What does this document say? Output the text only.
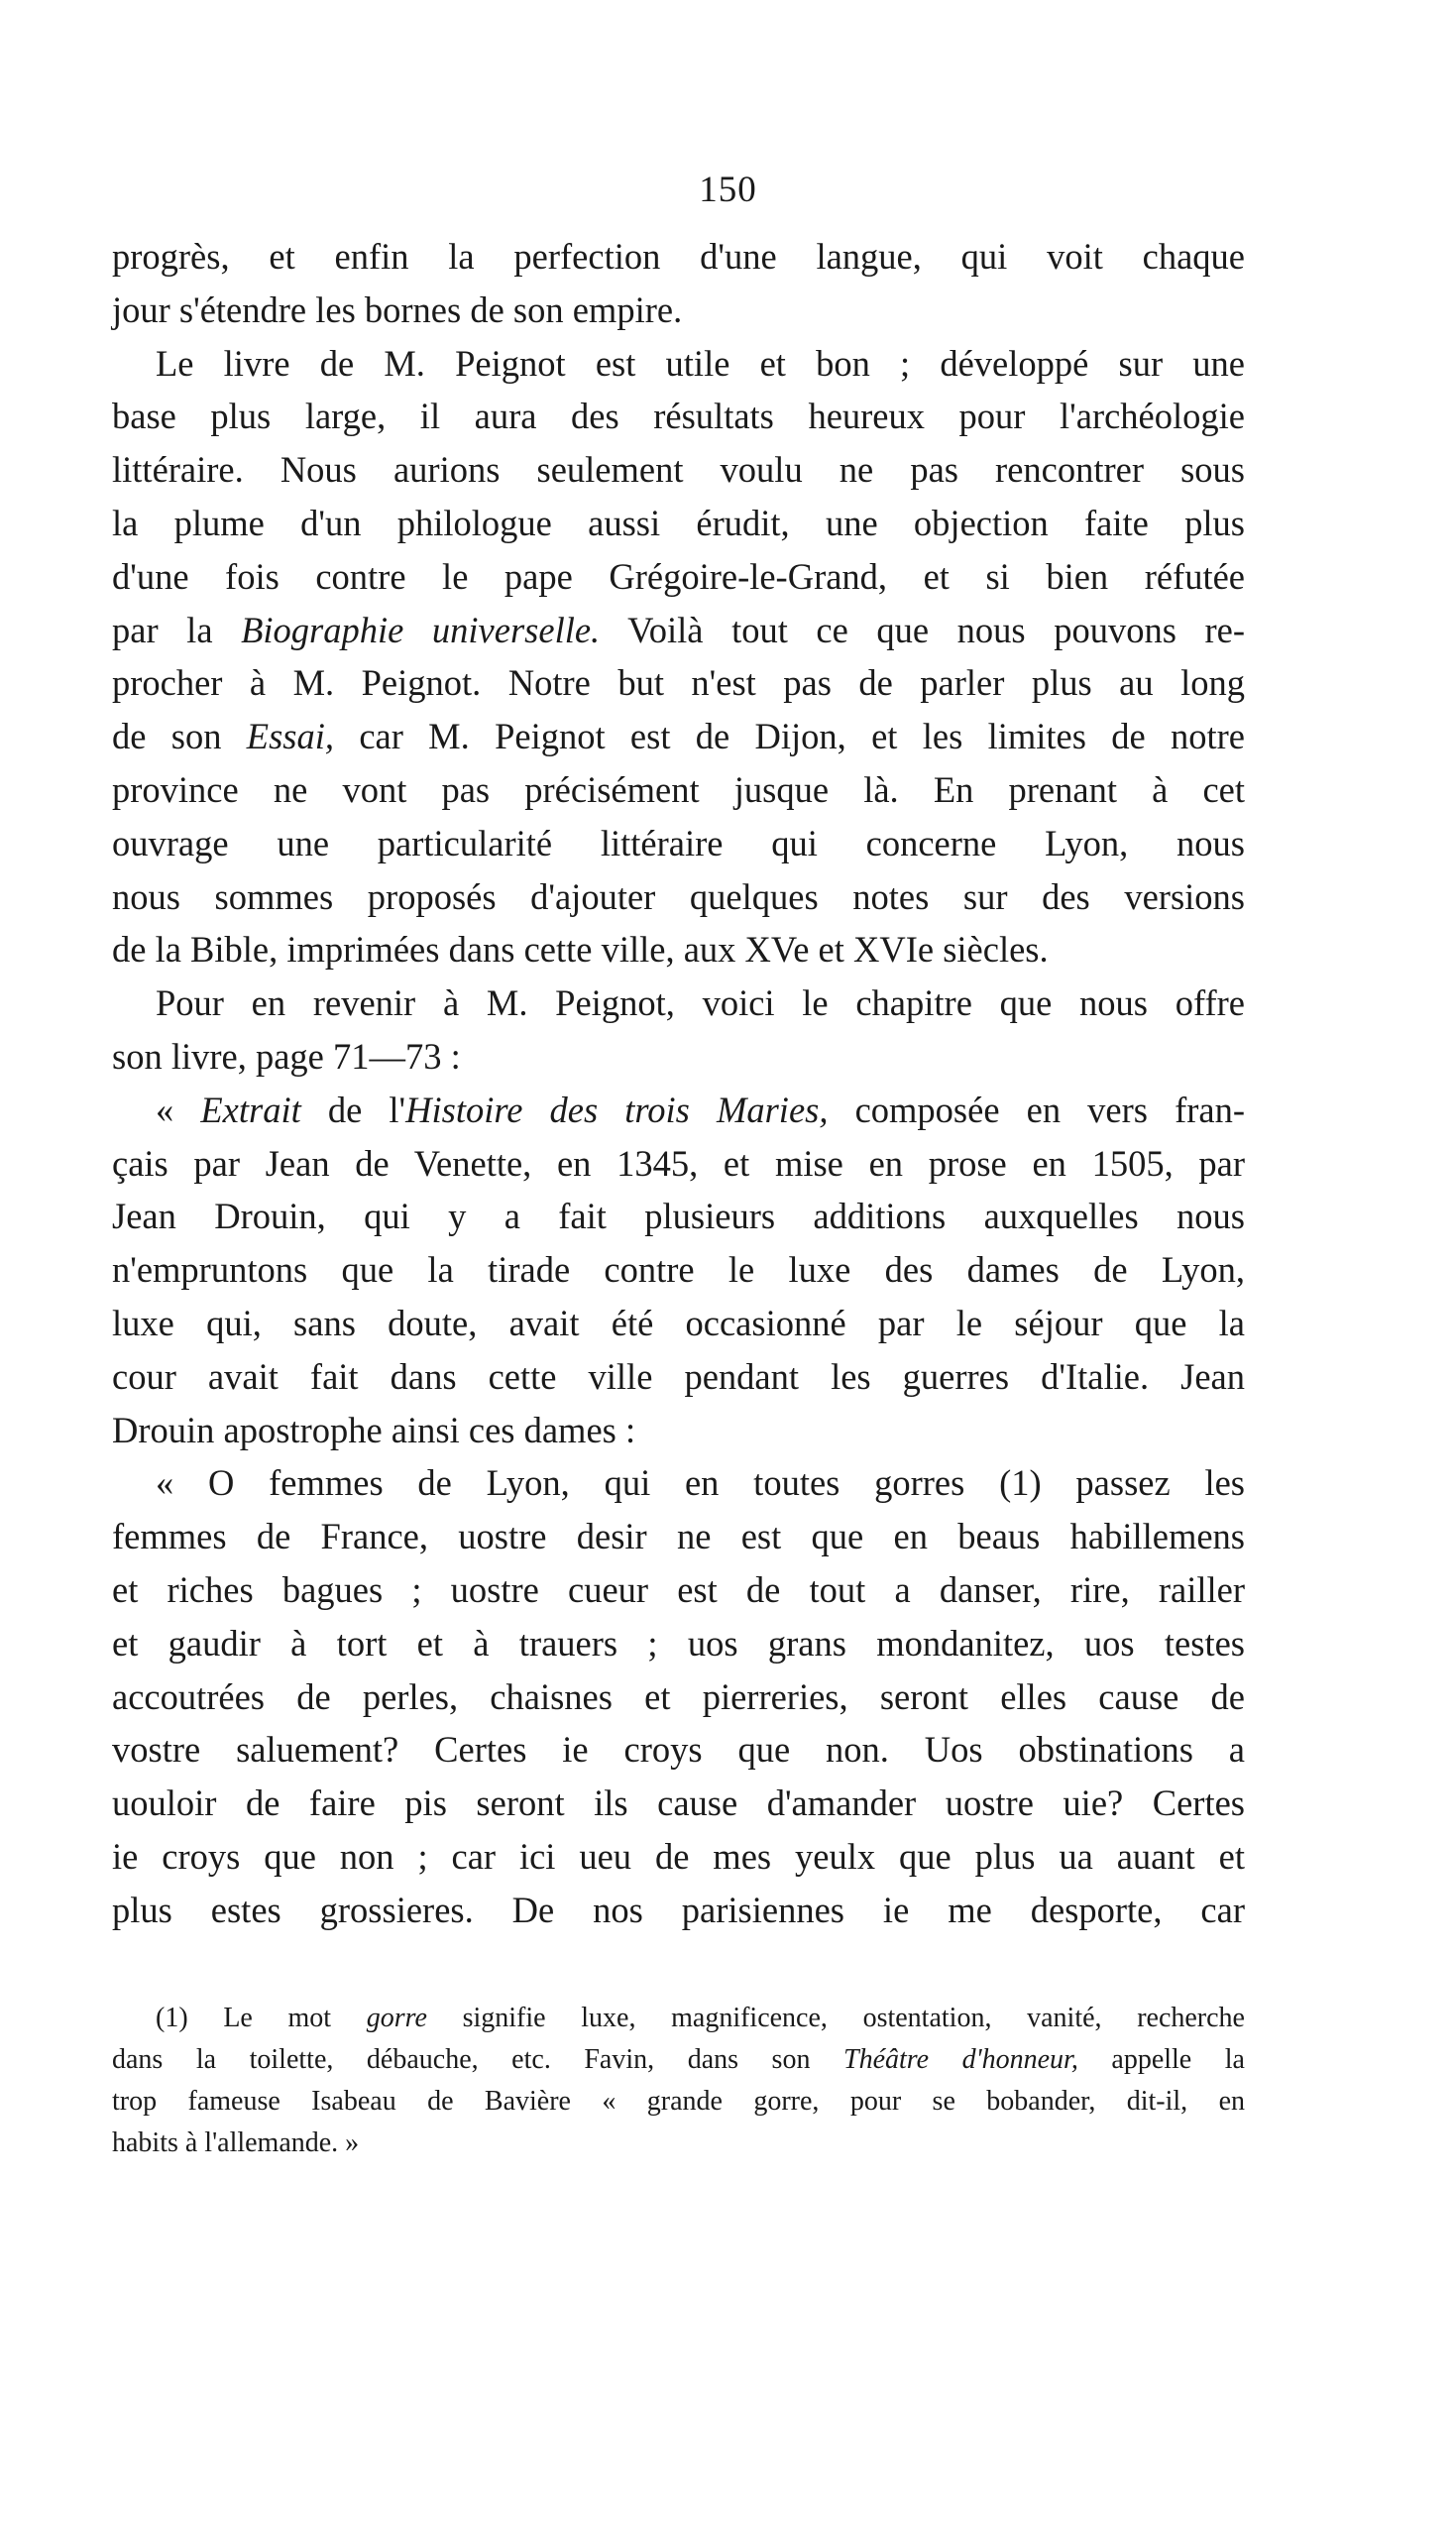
150
progrès, et enfin la perfection d'une langue, qui voit chaque
jour s'étendre les bornes de son empire.
Le livre de M. Peignot est utile et bon ; développé sur une
base plus large, il aura des résultats heureux pour l'archéologie
littéraire. Nous aurions seulement voulu ne pas rencontrer sous
la plume d'un philologue aussi érudit, une objection faite plus
d'une fois contre le pape Grégoire-le-Grand, et si bien réfutée
par la Biographie universelle. Voilà tout ce que nous pouvons re-
procher à M. Peignot. Notre but n'est pas de parler plus au long
de son Essai, car M. Peignot est de Dijon, et les limites de notre
province ne vont pas précisément jusque là. En prenant à cet
ouvrage une particularité littéraire qui concerne Lyon, nous
nous sommes proposés d'ajouter quelques notes sur des versions
de la Bible, imprimées dans cette ville, aux XVe et XVIe siècles.
Pour en revenir à M. Peignot, voici le chapitre que nous offre
son livre, page 71—73 :
« Extrait de l'Histoire des trois Maries, composée en vers fran-
çais par Jean de Venette, en 1345, et mise en prose en 1505, par
Jean Drouin, qui y a fait plusieurs additions auxquelles nous
n'empruntons que la tirade contre le luxe des dames de Lyon,
luxe qui, sans doute, avait été occasionné par le séjour que la
cour avait fait dans cette ville pendant les guerres d'Italie. Jean
Drouin apostrophe ainsi ces dames :
« O femmes de Lyon, qui en toutes gorres (1) passez les
femmes de France, uostre desir ne est que en beaus habillemens
et riches bagues ; uostre cueur est de tout a danser, rire, railler
et gaudir à tort et à trauers ; uos grans mondanitez, uos testes
accoutrées de perles, chaisnes et pierreries, seront elles cause de
vostre saluement? Certes ie croys que non. Uos obstinations a
uouloir de faire pis seront ils cause d'amander uostre uie? Certes
ie croys que non ; car ici ueu de mes yeulx que plus ua auant et
plus estes grossieres. De nos parisiennes ie me desporte, car
(1) Le mot gorre signifie luxe, magnificence, ostentation, vanité, recherche
dans la toilette, débauche, etc. Favin, dans son Théâtre d'honneur, appelle la
trop fameuse Isabeau de Bavière « grande gorre, pour se bobander, dit-il, en
habits à l'allemande. »
